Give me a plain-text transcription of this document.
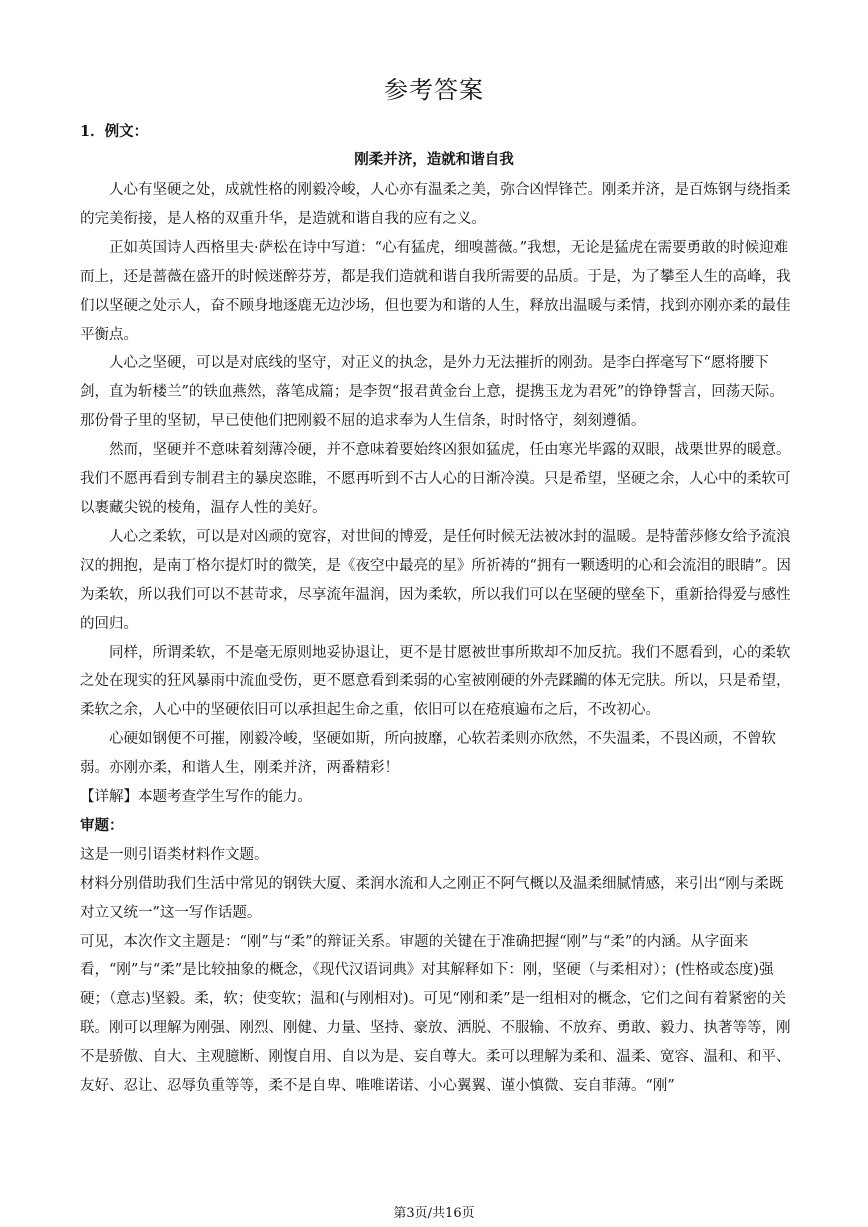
参考答案
1．例文：
刚柔并济，造就和谐自我

人心有坚硬之处，成就性格的刚毅冷峻，人心亦有温柔之美，弥合凶悍锋芒。刚柔并济，是百炼钢与绕指柔的完美衔接，是人格的双重升华，是造就和谐自我的应有之义。

正如英国诗人西格里夫·萨松在诗中写道：“心有猛虎，细嗅蔷薇。”我想，无论是猛虎在需要勇敢的时候迎难而上，还是蔷薇在盛开的时候迷醉芬芳，都是我们造就和谐自我所需要的品质。于是，为了攀至人生的高峰，我们以坚硬之处示人，奋不顾身地逐鹿无边沙场，但也要为和谐的人生，释放出温暖与柔情，找到亦刚亦柔的最佳平衡点。

人心之坚硬，可以是对底线的坚守，对正义的执念，是外力无法摧折的刚劲。是李白挥毫写下“愿将腰下剑，直为斩楼兰”的铁血燕然，落笔成篇；是李贺“报君黄金台上意，提携玉龙为君死”的铮铮誓言，回荡天际。那份骨子里的坚韧，早已使他们把刚毅不屈的追求奉为人生信条，时时恪守，刻刻遵循。

然而，坚硬并不意味着刻薄冷硬，并不意味着要始终凶狠如猛虎，任由寒光毕露的双眼，战栗世界的暖意。我们不愿再看到专制君主的暴戾恣睢，不愿再听到不古人心的日渐冷漠。只是希望，坚硬之余，人心中的柔软可以裹藏尖锐的棱角，温存人性的美好。

人心之柔软，可以是对凶顽的宽容，对世间的博爱，是任何时候无法被冰封的温暖。是特蕾莎修女给予流浪汉的拥抱，是南丁格尔提灯时的微笑，是《夜空中最亮的星》所祈祷的“拥有一颗透明的心和会流泪的眼睛”。因为柔软，所以我们可以不甚苛求，尽享流年温润，因为柔软，所以我们可以在坚硬的壁垒下，重新拾得爱与感性的回归。

同样，所谓柔软，不是毫无原则地妥协退让，更不是甘愿被世事所欺却不加反抗。我们不愿看到，心的柔软之处在现实的狂风暴雨中流血受伤，更不愿意看到柔弱的心室被刚硬的外壳蹂躏的体无完肤。所以，只是希望，柔软之余，人心中的坚硬依旧可以承担起生命之重，依旧可以在疮痕遍布之后，不改初心。

心硬如钢便不可摧，刚毅冷峻，坚硬如斯，所向披靡，心软若柔则亦欣然，不失温柔，不畏凶顽，不曾软弱。亦刚亦柔，和谐人生，刚柔并济，两番精彩！

【详解】本题考查学生写作的能力。

审题：

这是一则引语类材料作文题。

材料分别借助我们生活中常见的钢铁大厦、柔润水流和人之刚正不阿气概以及温柔细腻情感，来引出“刚与柔既对立又统一”这一写作话题。

可见，本次作文主题是：“刚”与“柔”的辩证关系。审题的关键在于准确把握“刚”与“柔”的内涵。从字面来看，“刚”与“柔”是比较抽象的概念，《现代汉语词典》对其解释如下：刚，坚硬（与柔相对）；(性格或态度)强硬；（意志)坚毅。柔，软；使变软；温和(与刚相对)。可见“刚和柔”是一组相对的概念，它们之间有着紧密的关联。刚可以理解为刚强、刚烈、刚健、力量、坚持、豪放、洒脱、不服输、不放弃、勇敢、毅力、执著等等，刚不是骄傲、自大、主观臆断、刚愎自用、自以为是、妄自尊大。柔可以理解为柔和、温柔、宽容、温和、和平、友好、忍让、忍辱负重等等，柔不是自卑、唯唯诺诺、小心翼翼、谨小慎微、妄自菲薄。“刚”

第3页/共16页
